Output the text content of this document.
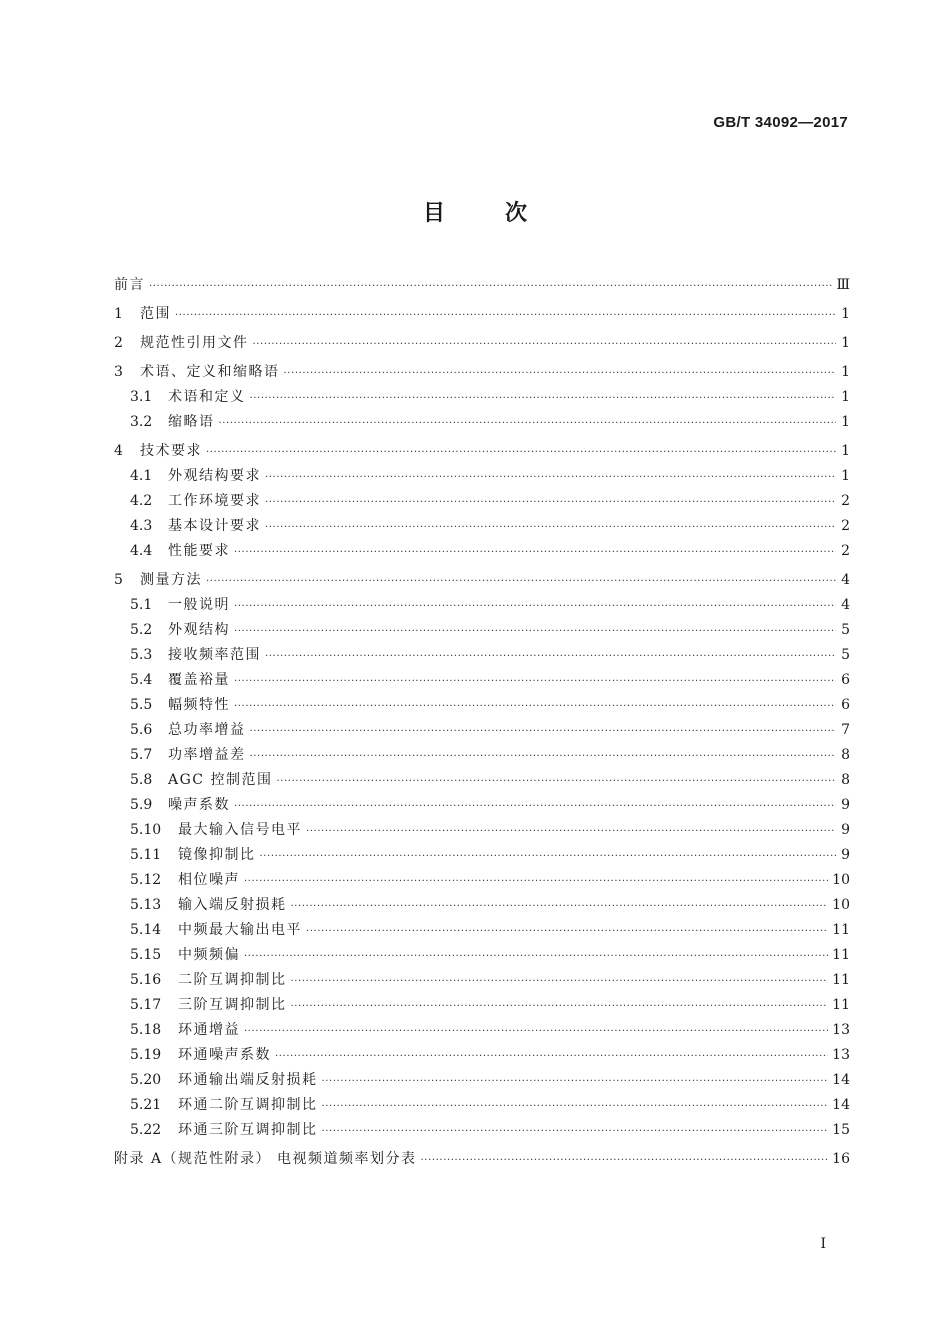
GB/T 34092—2017
目次
前言 ·····	Ⅲ
1	范围 ·····	1
2	规范性引用文件 ·····	1
3	术语、定义和缩略语 ·····	1
3.1	术语和定义 ·····	1
3.2	缩略语 ·····	1
4	技术要求 ·····	1
4.1	外观结构要求 ·····	1
4.2	工作环境要求 ·····	2
4.3	基本设计要求 ·····	2
4.4	性能要求 ·····	2
5	测量方法 ·····	4
5.1	一般说明 ·····	4
5.2	外观结构 ·····	5
5.3	接收频率范围 ·····	5
5.4	覆盖裕量 ·····	6
5.5	幅频特性 ·····	6
5.6	总功率增益 ·····	7
5.7	功率增益差 ·····	8
5.8	AGC 控制范围 ·····	8
5.9	噪声系数 ·····	9
5.10	最大输入信号电平 ·····	9
5.11	镜像抑制比 ·····	9
5.12	相位噪声 ·····	10
5.13	输入端反射损耗 ·····	10
5.14	中频最大输出电平 ·····	11
5.15	中频频偏 ·····	11
5.16	二阶互调抑制比 ·····	11
5.17	三阶互调抑制比 ·····	11
5.18	环通增益 ·····	13
5.19	环通噪声系数 ·····	13
5.20	环通输出端反射损耗 ·····	14
5.21	环通二阶互调抑制比 ·····	14
5.22	环通三阶互调抑制比 ·····	15
附录 A（规范性附录） 电视频道频率划分表 ·····	16
Ⅰ
